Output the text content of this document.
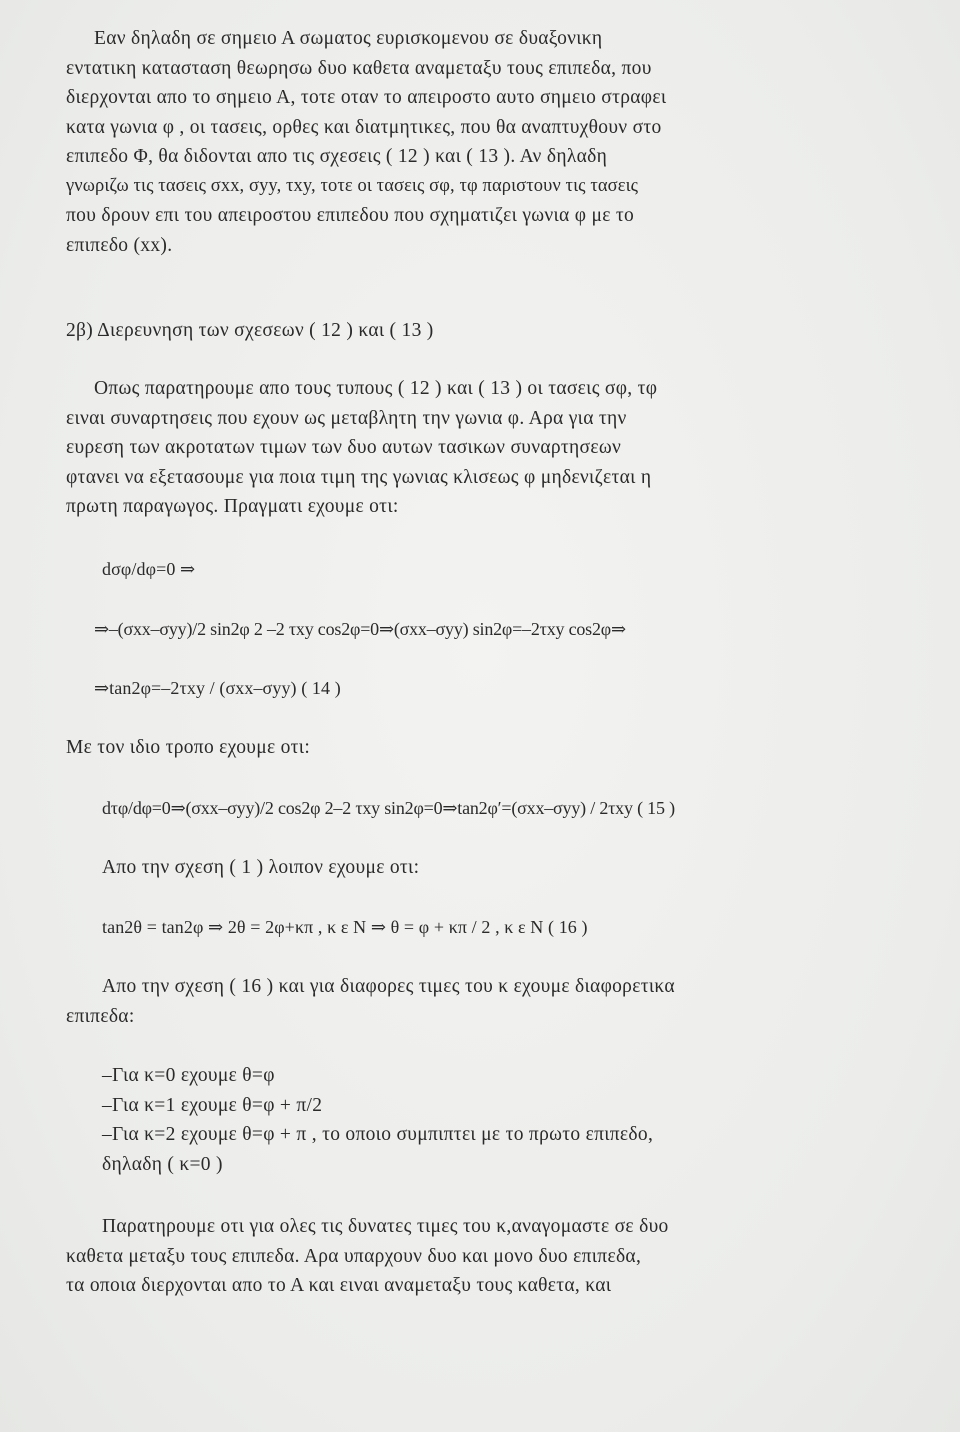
Εαν δηλαδη σε σημειο Α σωματος ευρισκομενου σε δυαξονικη
εντατικη κατασταση θεωρησω δυο καθετα αναμεταξυ τους επιπεδα, που
διερχονται απο το σημειο Α, τοτε οταν το απειροστο αυτο σημειο στραφει
κατα γωνια φ , οι τασεις, ορθες και διατμητικες, που θα αναπτυχθουν στο
επιπεδο Φ, θα διδονται απο τις σχεσεις ( 12 ) και ( 13 ). Αν δηλαδη
γνωριζω τις τασεις σxx, σyy, τxy, τοτε οι τασεις σφ, τφ παριστουν τις τασεις
που δρουν επι του απειροστου επιπεδου που σχηματιζει γωνια φ με το
επιπεδο (xx).
2β) Διερευνηση των σχεσεων ( 12 ) και ( 13 )
Οπως παρατηρουμε απο τους τυπους ( 12 ) και ( 13 ) οι τασεις σφ, τφ
ειναι συναρτησεις που εχουν ως μεταβλητη την γωνια φ. Αρα για την
ευρεση των ακροτατων τιμων των δυο αυτων τασικων συναρτησεων
φτανει να εξετασουμε για ποια τιμη της γωνιας κλισεως φ μηδενιζεται η
πρωτη παραγωγος. Πραγματι εχουμε οτι:
dσφ/dφ=0 ⇒
⇒–(σxx–σyy)/2 sin2φ 2 –2 τxy cos2φ=0⇒(σxx–σyy) sin2φ=–2τxy cos2φ⇒
⇒tan2φ=–2τxy / (σxx–σyy) ( 14 )
Με τον ιδιο τροπο εχουμε οτι:
dτφ/dφ=0⇒(σxx–σyy)/2 cos2φ 2–2 τxy sin2φ=0⇒tan2φ′=(σxx–σyy) / 2τxy ( 15 )
Απο την σχεση ( 1 ) λοιπον εχουμε οτι:
tan2θ = tan2φ ⇒ 2θ = 2φ+κπ , κ ε Ν ⇒ θ = φ + κπ / 2 , κ ε Ν ( 16 )
Απο την σχεση ( 16 ) και για διαφορες τιμες του κ εχουμε διαφορετικα
επιπεδα:
–Για κ=0 εχουμε θ=φ
–Για κ=1 εχουμε θ=φ + π/2
–Για κ=2 εχουμε θ=φ + π , το οποιο συμπιπτει με το πρωτο επιπεδο,
δηλαδη ( κ=0 )
Παρατηρουμε οτι για ολες τις δυνατες τιμες του κ,αναγομαστε σε δυο
καθετα μεταξυ τους επιπεδα. Αρα υπαρχουν δυο και μονο δυο επιπεδα,
τα οποια διερχονται απο το Α και ειναι αναμεταξυ τους καθετα, και
